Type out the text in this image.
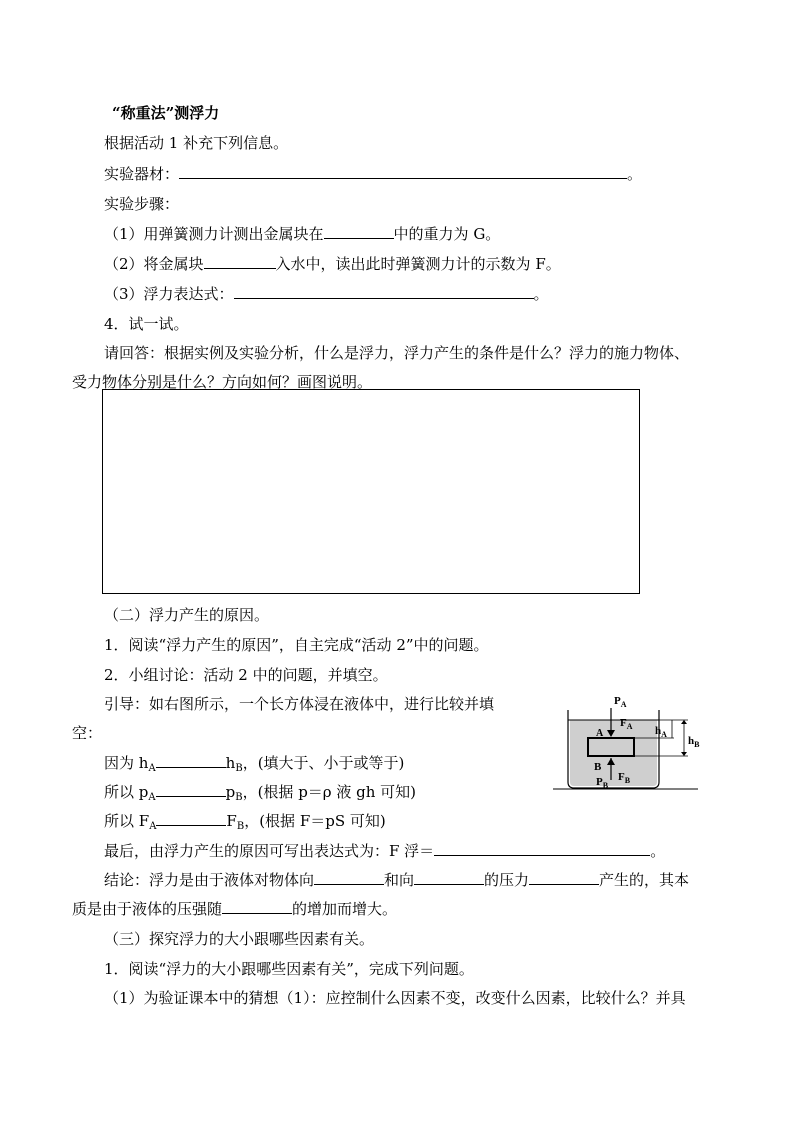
“称重法”测浮力
根据活动 1 补充下列信息。
实验器材：	。
实验步骤：
（1）用弹簧测力计测出金属块在	中的重力为 G。
（2）将金属块	入水中，读出此时弹簧测力计的示数为 F。
（3）浮力表达式：	。
4．试一试。
请回答：根据实例及实验分析，什么是浮力，浮力产生的条件是什么？浮力的施力物体、
受力物体分别是什么？方向如何？画图说明。
（二）浮力产生的原因。
1．阅读“浮力产生的原因”，自主完成“活动 2”中的问题。
2．小组讨论：活动 2 中的问题，并填空。
引导：如右图所示，一个长方体浸在液体中，进行比较并填
空：
因为 $h_A$	$h_B$，(填大于、小于或等于)
所以 $p_A$	$p_B$，(根据 p＝ρ 液 gh 可知)
所以 $F_A$	$F_B$，(根据 F＝pS 可知)
最后，由浮力产生的原因可写出表达式为：F 浮＝	。
结论：浮力是由于液体对物体向	和向	的压力	产生的，其本
质是由于液体的压强随	的增加而增大。
（三）探究浮力的大小跟哪些因素有关。
1．阅读“浮力的大小跟哪些因素有关”，完成下列问题。
（1）为验证课本中的猜想（1）：应控制什么因素不变，改变什么因素，比较什么？并具
$P_A$
$F_A$
A	$h_A$
$h_B$
B
$P_B$
$F_B$
